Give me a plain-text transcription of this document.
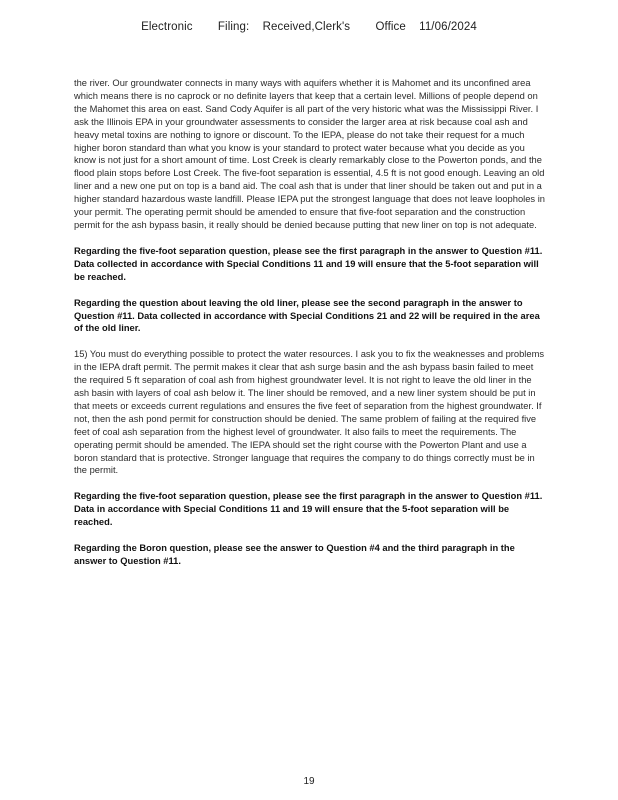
Electronic Filing: Received,Clerk's Office 11/06/2024

the river. Our groundwater connects in many ways with aquifers whether it is Mahomet and its unconfined area which means there is no caprock or no definite layers that keep that a certain level. Millions of people depend on the Mahomet this area on east. Sand Cody Aquifer is all part of the very historic what was the Mississippi River. I ask the Illinois EPA in your groundwater assessments to consider the larger area at risk because coal ash and heavy metal toxins are nothing to ignore or discount. To the IEPA, please do not take their request for a much higher boron standard than what you know is your standard to protect water because what you decide as you know is not just for a short amount of time. Lost Creek is clearly remarkably close to the Powerton ponds, and the flood plain stops before Lost Creek. The five-foot separation is essential, 4.5 ft is not good enough. Leaving an old liner and a new one put on top is a band aid. The coal ash that is under that liner should be taken out and put in a higher standard hazardous waste landfill. Please IEPA put the strongest language that does not leave loopholes in your permit. The operating permit should be amended to ensure that five-foot separation and the construction permit for the ash bypass basin, it really should be denied because putting that new liner on top is not adequate.

Regarding the five-foot separation question, please see the first paragraph in the answer to Question #11. Data collected in accordance with Special Conditions 11 and 19 will ensure that the 5-foot separation will be reached.

Regarding the question about leaving the old liner, please see the second paragraph in the answer to Question #11. Data collected in accordance with Special Conditions 21 and 22 will be required in the area of the old liner.

15) You must do everything possible to protect the water resources. I ask you to fix the weaknesses and problems in the IEPA draft permit. The permit makes it clear that ash surge basin and the ash bypass basin failed to meet the required 5 ft separation of coal ash from highest groundwater level. It is not right to leave the old liner in the ash basin with layers of coal ash below it. The liner should be removed, and a new liner system should be put in that meets or exceeds current regulations and ensures the five feet of separation from the highest groundwater. If not, then the ash pond permit for construction should be denied. The same problem of failing at the required five feet of coal ash separation from the highest level of groundwater. It also fails to meet the requirements. The operating permit should be amended. The IEPA should set the right course with the Powerton Plant and use a boron standard that is protective. Stronger language that requires the company to do things correctly must be in the permit.

Regarding the five-foot separation question, please see the first paragraph in the answer to Question #11. Data in accordance with Special Conditions 11 and 19 will ensure that the 5-foot separation will be reached.

Regarding the Boron question, please see the answer to Question #4 and the third paragraph in the answer to Question #11.

19
